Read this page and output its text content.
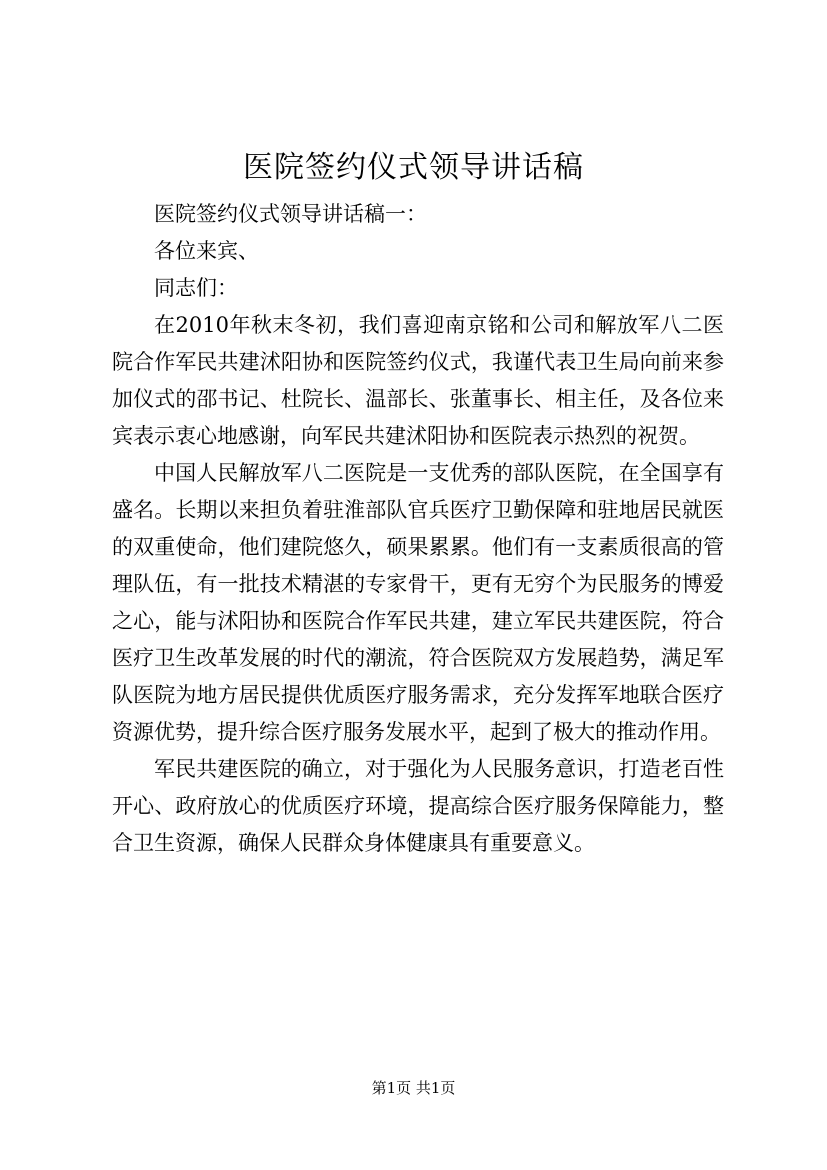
医院签约仪式领导讲话稿

医院签约仪式领导讲话稿一：

各位来宾、

同志们：

在2010年秋末冬初，我们喜迎南京铭和公司和解放军八二医院合作军民共建沭阳协和医院签约仪式，我谨代表卫生局向前来参加仪式的邵书记、杜院长、温部长、张董事长、相主任，及各位来宾表示衷心地感谢，向军民共建沭阳协和医院表示热烈的祝贺。

中国人民解放军八二医院是一支优秀的部队医院，在全国享有盛名。长期以来担负着驻淮部队官兵医疗卫勤保障和驻地居民就医的双重使命，他们建院悠久，硕果累累。他们有一支素质很高的管理队伍，有一批技术精湛的专家骨干，更有无穷个为民服务的博爱之心，能与沭阳协和医院合作军民共建，建立军民共建医院，符合医疗卫生改革发展的时代的潮流，符合医院双方发展趋势，满足军队医院为地方居民提供优质医疗服务需求，充分发挥军地联合医疗资源优势，提升综合医疗服务发展水平，起到了极大的推动作用。

军民共建医院的确立，对于强化为人民服务意识，打造老百性开心、政府放心的优质医疗环境，提高综合医疗服务保障能力，整合卫生资源，确保人民群众身体健康具有重要意义。

第1页 共1页
